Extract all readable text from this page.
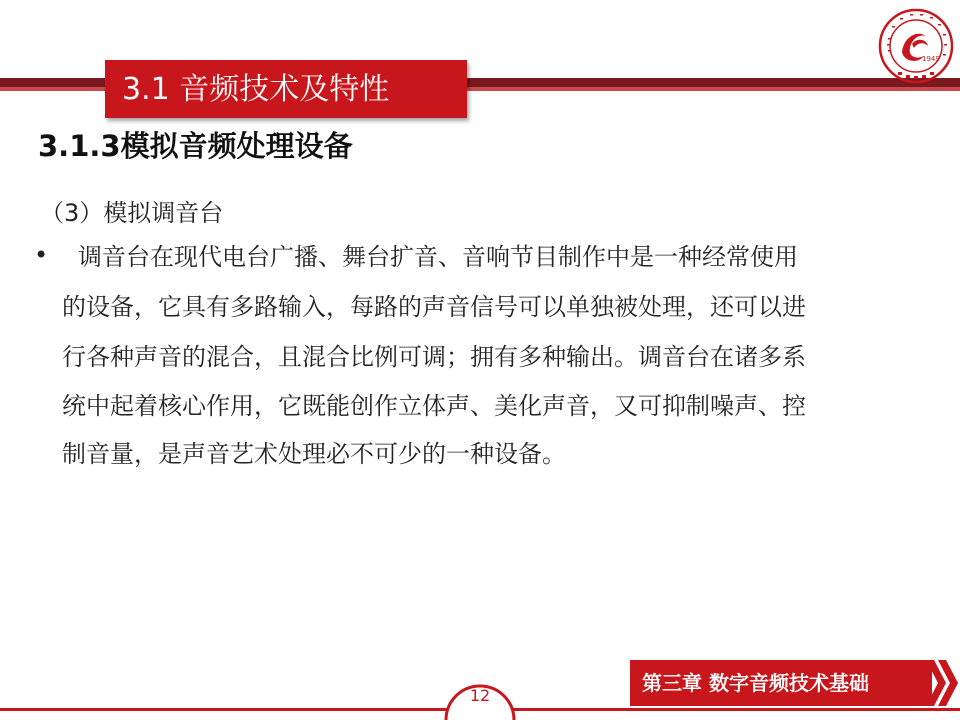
3.1 音频技术及特性
1949
3.1.3模拟音频处理设备
（3）模拟调音台
• 调音台在现代电台广播、舞台扩音、音响节目制作中是一种经常使用
的设备，它具有多路输入，每路的声音信号可以单独被处理，还可以进
行各种声音的混合，且混合比例可调；拥有多种输出。调音台在诸多系
统中起着核心作用，它既能创作立体声、美化声音，又可抑制噪声、控
制音量，是声音艺术处理必不可少的一种设备。
12
第三章 数字音频技术基础
